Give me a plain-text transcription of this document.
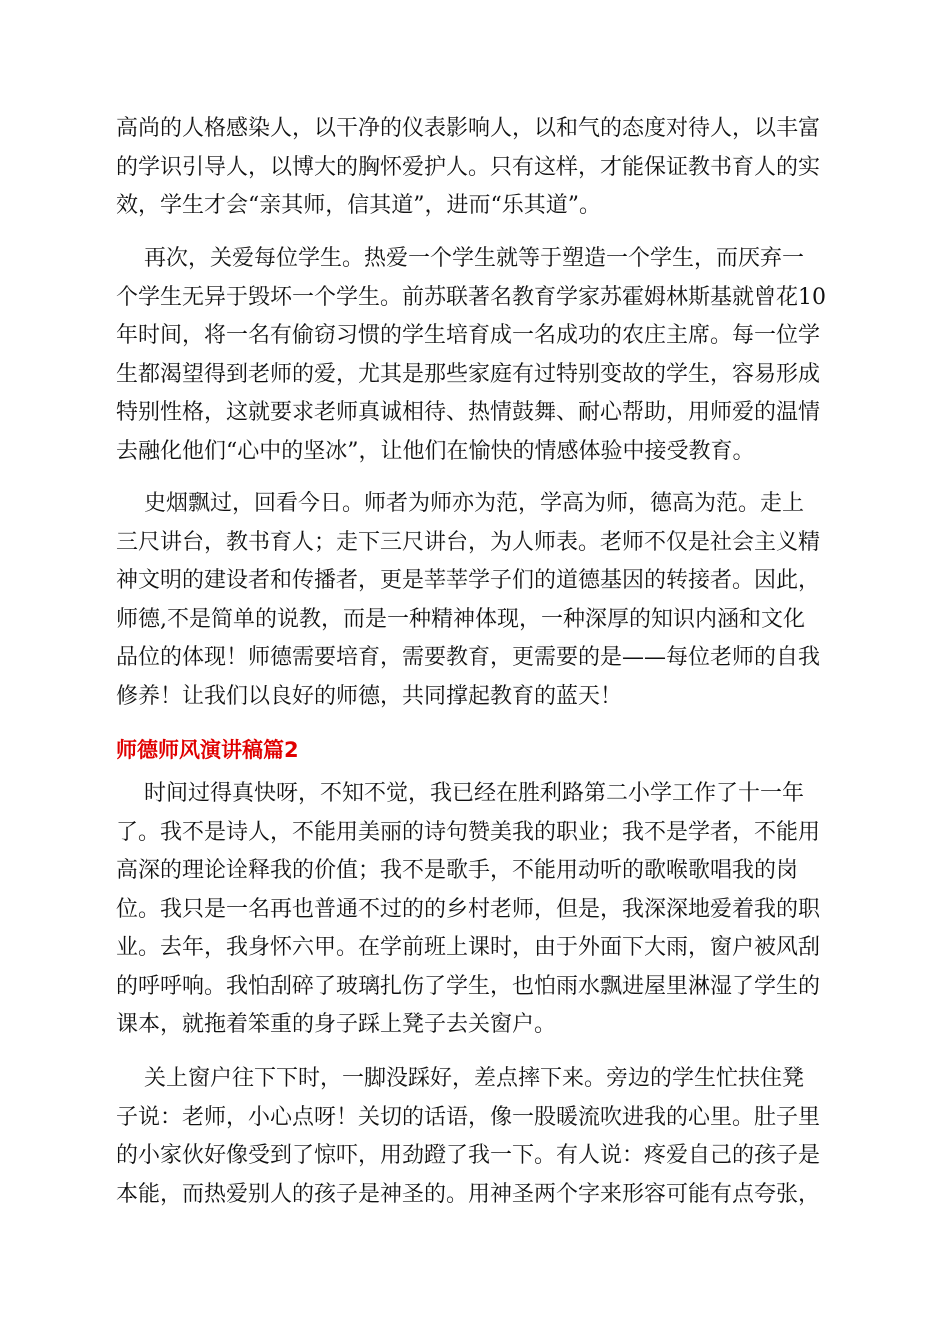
高尚的人格感染人，以干净的仪表影响人，以和气的态度对待人，以丰富
的学识引导人，以博大的胸怀爱护人。只有这样，才能保证教书育人的实
效，学生才会“亲其师，信其道”，进而“乐其道”。
再次，关爱每位学生。热爱一个学生就等于塑造一个学生，而厌弃一
个学生无异于毁坏一个学生。前苏联著名教育学家苏霍姆林斯基就曾花10
年时间，将一名有偷窃习惯的学生培育成一名成功的农庄主席。每一位学
生都渴望得到老师的爱，尤其是那些家庭有过特别变故的学生，容易形成
特别性格，这就要求老师真诚相待、热情鼓舞、耐心帮助，用师爱的温情
去融化他们“心中的坚冰”，让他们在愉快的情感体验中接受教育。
史烟飘过，回看今日。师者为师亦为范，学高为师，德高为范。走上
三尺讲台，教书育人；走下三尺讲台，为人师表。老师不仅是社会主义精
神文明的建设者和传播者，更是莘莘学子们的道德基因的转接者。因此，
师德,不是简单的说教，而是一种精神体现，一种深厚的知识内涵和文化
品位的体现！师德需要培育，需要教育，更需要的是——每位老师的自我
修养！让我们以良好的师德，共同撑起教育的蓝天！
师德师风演讲稿篇2
时间过得真快呀，不知不觉，我已经在胜利路第二小学工作了十一年
了。我不是诗人，不能用美丽的诗句赞美我的职业；我不是学者，不能用
高深的理论诠释我的价值；我不是歌手，不能用动听的歌喉歌唱我的岗
位。我只是一名再也普通不过的的乡村老师，但是，我深深地爱着我的职
业。去年，我身怀六甲。在学前班上课时，由于外面下大雨，窗户被风刮
的呼呼响。我怕刮碎了玻璃扎伤了学生，也怕雨水飘进屋里淋湿了学生的
课本，就拖着笨重的身子踩上凳子去关窗户。
关上窗户往下下时，一脚没踩好，差点摔下来。旁边的学生忙扶住凳
子说：老师，小心点呀！关切的话语，像一股暖流吹进我的心里。肚子里
的小家伙好像受到了惊吓，用劲蹬了我一下。有人说：疼爱自己的孩子是
本能，而热爱别人的孩子是神圣的。用神圣两个字来形容可能有点夸张，
